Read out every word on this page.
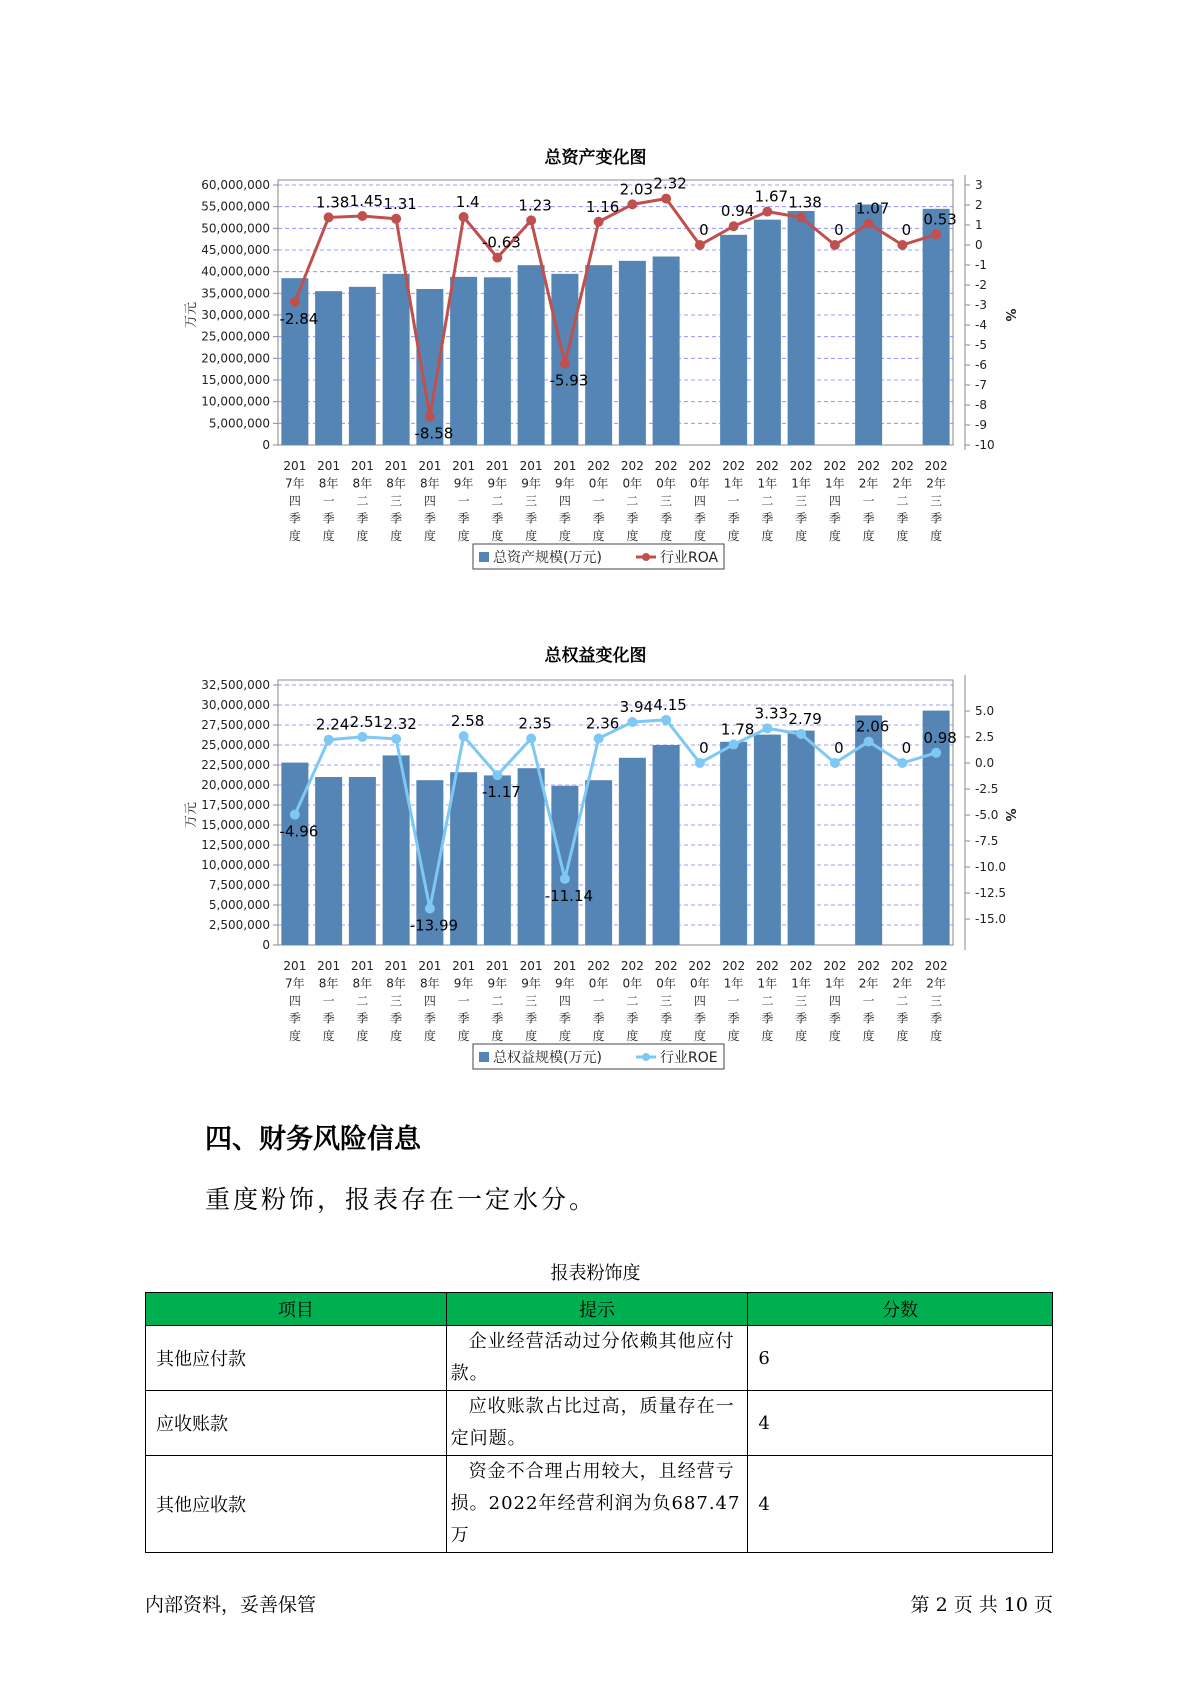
总资产变化图
60,000,000
55,000,000
50,000,000
45,000,000
40,000,000
35,000,000
30,000,000
25,000,000
20,000,000
15,000,000
10,000,000
5,000,000
0
3
2
1
0
-1
-2
-3
-4
-5
-6
-7
-8
-9
-10
万元	%
201 7年四季度
201 8年一季度
201 8年二季度
201 8年三季度
201 8年四季度
201 9年一季度
201 9年二季度
201 9年三季度
201 9年四季度
202 0年一季度
202 0年二季度
202 0年三季度
202 0年四季度
202 1年一季度
202 1年二季度
202 1年三季度
202 1年四季度
202 2年一季度
202 2年二季度
202 2年三季度
-2.84
1.38 1.45 1.31
-8.58
1.4
-0.63
1.23
-5.93
1.16
2.03 2.32
0
0.94
1.67 1.38
0
1.07
0
0.53
总资产规模(万元)	行业ROA
总权益变化图
32,500,000
30,000,000
27,500,000
25,000,000
22,500,000
20,000,000
17,500,000
15,000,000
12,500,000
10,000,000
7,500,000
5,000,000
2,500,000
0
5.0
2.5
0.0
-2.5
-5.0
-7.5
-10.0
-12.5
-15.0
万元	%
201 7年四季度
201 8年一季度
201 8年二季度
201 8年三季度
201 8年四季度
201 9年一季度
201 9年二季度
201 9年三季度
201 9年四季度
202 0年一季度
202 0年二季度
202 0年三季度
202 0年四季度
202 1年一季度
202 1年二季度
202 1年三季度
202 1年四季度
202 2年一季度
202 2年二季度
202 2年三季度
-4.96
2.24 2.51 2.32
-13.99
2.58
-1.17
2.35
-11.14
2.36
3.94 4.15
0
1.78
3.33 2.79
0
2.06
0
0.98
总权益规模(万元)	行业ROE
四、财务风险信息
重度粉饰，报表存在一定水分。
报表粉饰度
项目	提示	分数
其他应付款	企业经营活动过分依赖其他应付款。	6
应收账款	应收账款占比过高，质量存在一定问题。	4
其他应收款	资金不合理占用较大，且经营亏损。2022年经营利润为负687.47万	4
内部资料，妥善保管	第 2 页 共 10 页
